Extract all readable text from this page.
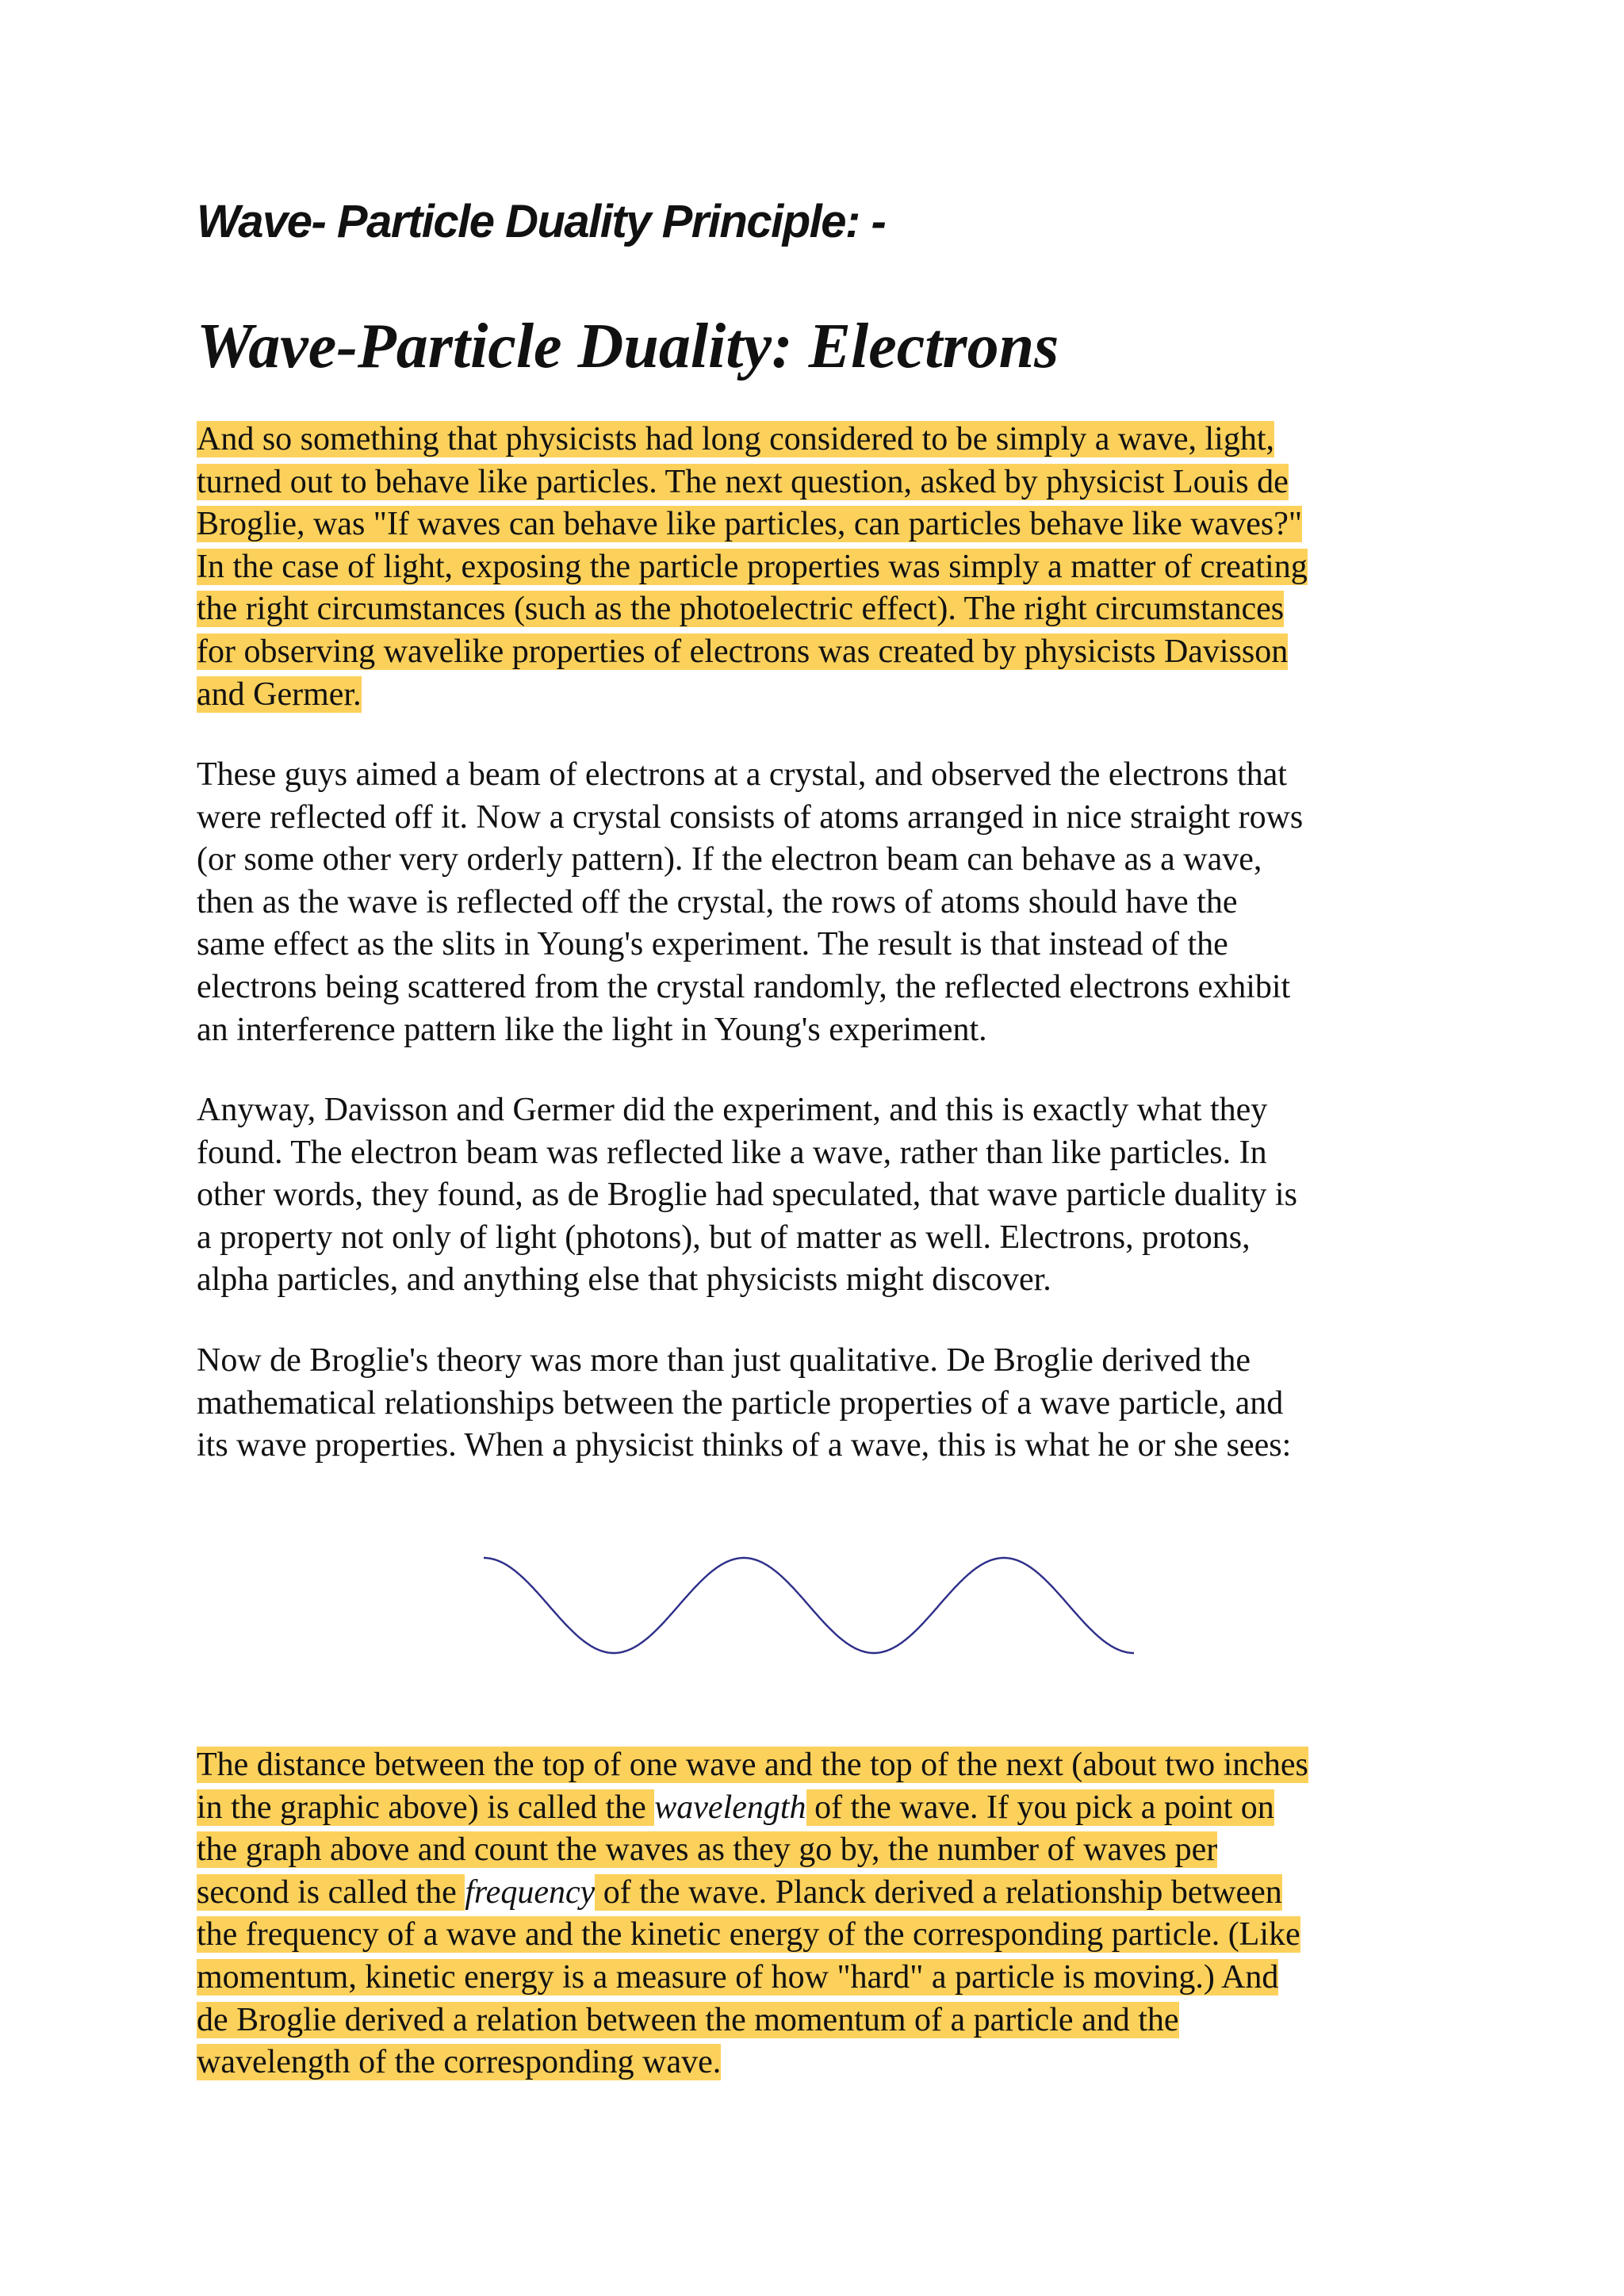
Wave- Particle Duality Principle: -
Wave-Particle Duality: Electrons

And so something that physicists had long considered to be simply a wave, light,
turned out to behave like particles. The next question, asked by physicist Louis de
Broglie, was "If waves can behave like particles, can particles behave like waves?"
In the case of light, exposing the particle properties was simply a matter of creating
the right circumstances (such as the photoelectric effect). The right circumstances
for observing wavelike properties of electrons was created by physicists Davisson
and Germer.

These guys aimed a beam of electrons at a crystal, and observed the electrons that
were reflected off it. Now a crystal consists of atoms arranged in nice straight rows
(or some other very orderly pattern). If the electron beam can behave as a wave,
then as the wave is reflected off the crystal, the rows of atoms should have the
same effect as the slits in Young's experiment. The result is that instead of the
electrons being scattered from the crystal randomly, the reflected electrons exhibit
an interference pattern like the light in Young's experiment.

Anyway, Davisson and Germer did the experiment, and this is exactly what they
found. The electron beam was reflected like a wave, rather than like particles. In
other words, they found, as de Broglie had speculated, that wave particle duality is
a property not only of light (photons), but of matter as well. Electrons, protons,
alpha particles, and anything else that physicists might discover.

Now de Broglie's theory was more than just qualitative. De Broglie derived the
mathematical relationships between the particle properties of a wave particle, and
its wave properties. When a physicist thinks of a wave, this is what he or she sees:

The distance between the top of one wave and the top of the next (about two inches
in the graphic above) is called the wavelength of the wave. If you pick a point on
the graph above and count the waves as they go by, the number of waves per
second is called the frequency of the wave. Planck derived a relationship between
the frequency of a wave and the kinetic energy of the corresponding particle. (Like
momentum, kinetic energy is a measure of how "hard" a particle is moving.) And
de Broglie derived a relation between the momentum of a particle and the
wavelength of the corresponding wave.
